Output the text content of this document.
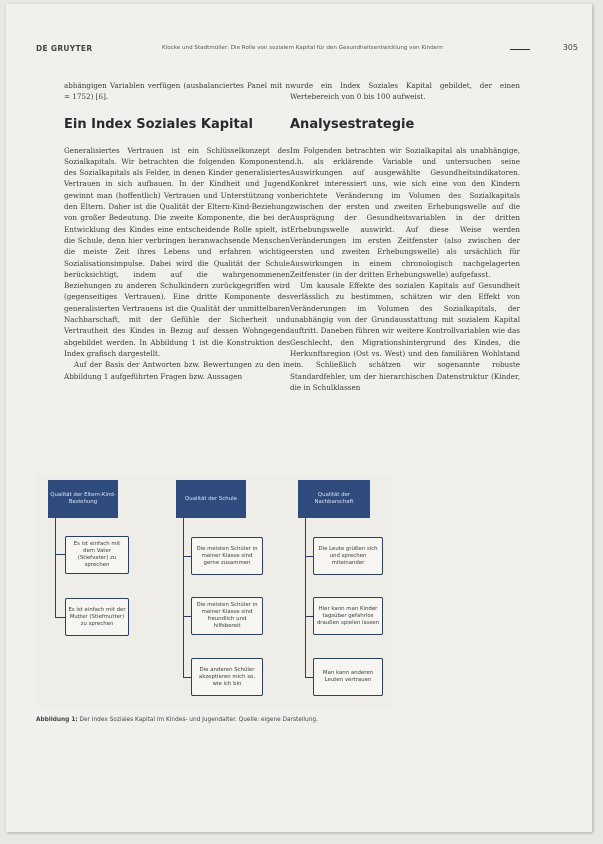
DE GRUYTER	Klocke und Stadtmüller: Die Rolle von sozialem Kapital für den Gesundheitsentwicklung von Kindern	305

abhängigen Variablen verfügen (ausbalanciertes Panel mit n = 1752) [6].

Ein Index Soziales Kapital

Generalisiertes Vertrauen ist ein Schlüsselkonzept des Sozialkapitals. Wir betrachten die folgenden Komponenten des Sozialkapitals als Felder, in denen Kinder generalisiertes Vertrauen in sich aufbauen. In der Kindheit und Jugend gewinnt man (hoffentlich) Vertrauen und Unterstützung von den Eltern. Daher ist die Qualität der Eltern-Kind-Beziehung von großer Bedeutung. Die zweite Komponente, die bei der Entwicklung des Kindes eine entscheidende Rolle spielt, ist die Schule, denn hier verbringen heranwachsende Menschen die meiste Zeit ihres Lebens und erfahren wichtige Sozialisationsimpulse. Dabei wird die Qualität der Schule berücksichtigt, indem auf die wahrgenommenen Beziehungen zu anderen Schulkindern zurückgegriffen wird (gegenseitiges Vertrauen). Eine dritte Komponente des generalisierten Vertrauens ist die Qualität der unmittelbaren Nachbarschaft, mit der Gefühle der Sicherheit und Vertrautheit des Kindes in Bezug auf dessen Wohngegend abgebildet werden. In Abbildung 1 ist die Konstruktion des Index grafisch dargestellt.

Auf der Basis der Antworten bzw. Bewertungen zu den in Abbildung 1 aufgeführten Fragen bzw. Aussagen

wurde ein Index Soziales Kapital gebildet, der einen Wertebereich von 0 bis 100 aufweist.

Analysestrategie

Im Folgenden betrachten wir Sozialkapital als unabhängige, d.h. als erklärende Variable und untersuchen seine Auswirkungen auf ausgewählte Gesundheitsindikatoren. Konkret interessiert uns, wie sich eine von den Kindern berichtete Veränderung im Volumen des Sozialkapitals zwischen der ersten und zweiten Erhebungswelle auf die Ausprägung der Gesundheitsvariablen in der dritten Erhebungswelle auswirkt. Auf diese Weise werden Veränderungen im ersten Zeitfenster (also zwischen der ersten und zweiten Erhebungswelle) als ursächlich für Auswirkungen in einem chronologisch nachgelagerten Zeitfenster (in der dritten Erhebungswelle) aufgefasst.

Um kausale Effekte des sozialen Kapitals auf Gesundheit verlässlich zu bestimmen, schätzen wir den Effekt von Veränderungen im Volumen des Sozialkapitals, der unabhängig von der Grundausstattung mit sozialem Kapital auftritt. Daneben führen wir weitere Kontrollvariablen wie das Geschlecht, den Migrationshintergrund des Kindes, die Herkunftsregion (Ost vs. West) und den familiären Wohlstand ein. Schließlich schätzen wir sogenannte robuste Standardfehler, um der hierarchischen Datenstruktur (Kinder, die in Schulklassen

Qualität der Eltern-Kind-Beziehung
Es ist einfach mit dem Vater (Stiefvater) zu sprechen
Es ist einfach mit der Mutter (Stiefmutter) zu sprechen
Qualität der Schule
Die meisten Schüler in meiner Klasse sind gerne zusammen
Die meisten Schüler in meiner Klasse sind freundlich und hilfsbereit
Die anderen Schüler akzeptieren mich so, wie ich bin
Qualität der Nachbarschaft
Die Leute grüßen sich und sprechen miteinander
Hier kann man Kinder tagsüber gefahrlos draußen spielen lassen
Man kann anderen Leuten vertrauen
Abbildung 1: Der Index Soziales Kapital im Kindes- und Jugendalter. Quelle: eigene Darstellung.
